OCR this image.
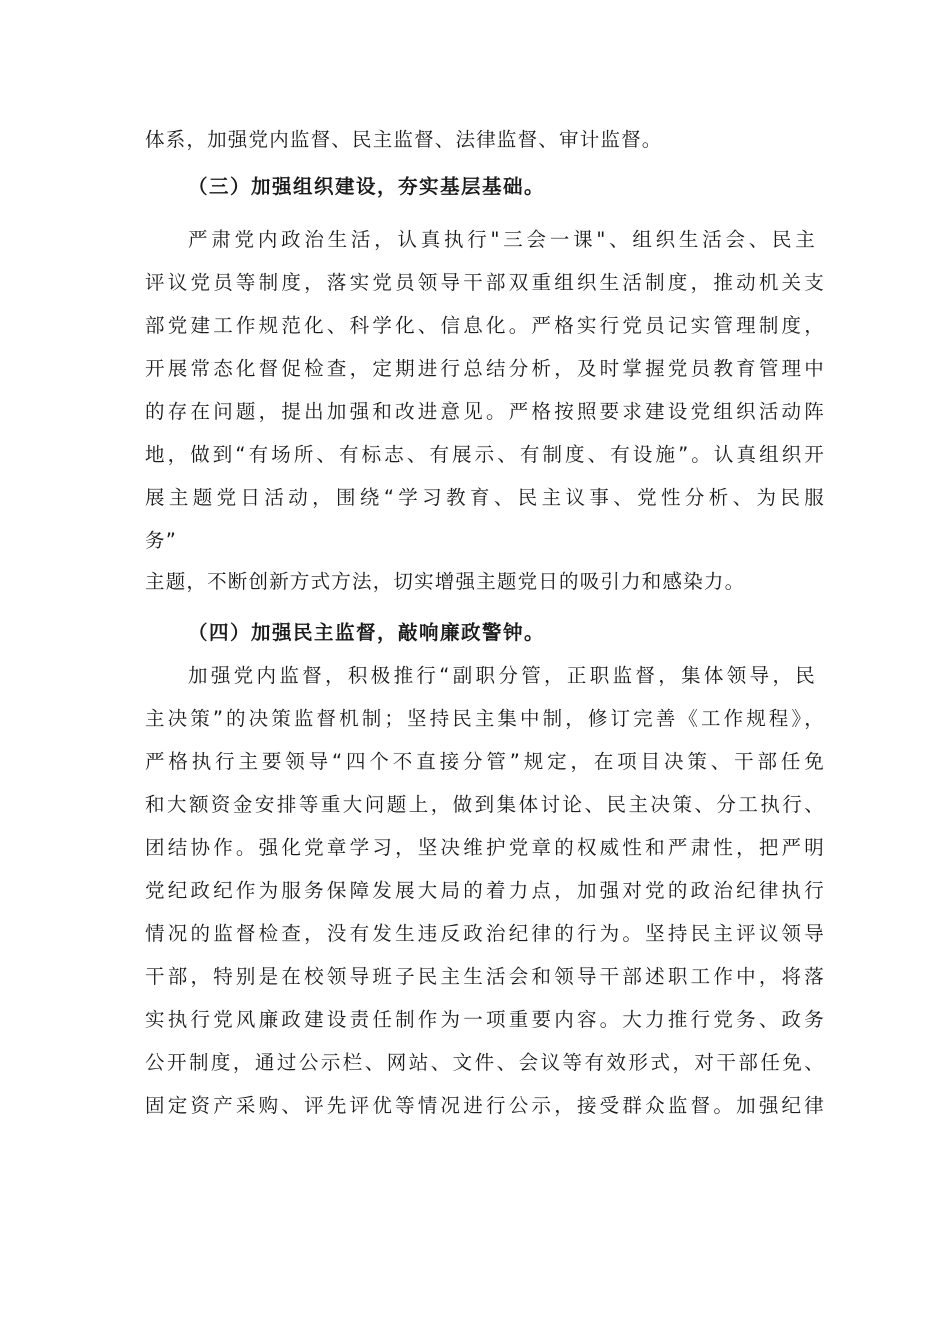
体系，加强党内监督、民主监督、法律监督、审计监督。
（三）加强组织建设，夯实基层基础。
严肃党内政治生活，认真执行"三会一课"、组织生活会、民主
评议党员等制度，落实党员领导干部双重组织生活制度，推动机关支
部党建工作规范化、科学化、信息化。严格实行党员记实管理制度，
开展常态化督促检查，定期进行总结分析，及时掌握党员教育管理中
的存在问题，提出加强和改进意见。严格按照要求建设党组织活动阵
地，做到“有场所、有标志、有展示、有制度、有设施”。认真组织开
展主题党日活动，围绕“学习教育、民主议事、党性分析、为民服
务”
主题，不断创新方式方法，切实增强主题党日的吸引力和感染力。
（四）加强民主监督，敲响廉政警钟。
加强党内监督，积极推行“副职分管，正职监督，集体领导，民
主决策”的决策监督机制；坚持民主集中制，修订完善《工作规程》，
严格执行主要领导“四个不直接分管”规定，在项目决策、干部任免
和大额资金安排等重大问题上，做到集体讨论、民主决策、分工执行、
团结协作。强化党章学习，坚决维护党章的权威性和严肃性，把严明
党纪政纪作为服务保障发展大局的着力点，加强对党的政治纪律执行
情况的监督检查，没有发生违反政治纪律的行为。坚持民主评议领导
干部，特别是在校领导班子民主生活会和领导干部述职工作中，将落
实执行党风廉政建设责任制作为一项重要内容。大力推行党务、政务
公开制度，通过公示栏、网站、文件、会议等有效形式，对干部任免、
固定资产采购、评先评优等情况进行公示，接受群众监督。加强纪律
